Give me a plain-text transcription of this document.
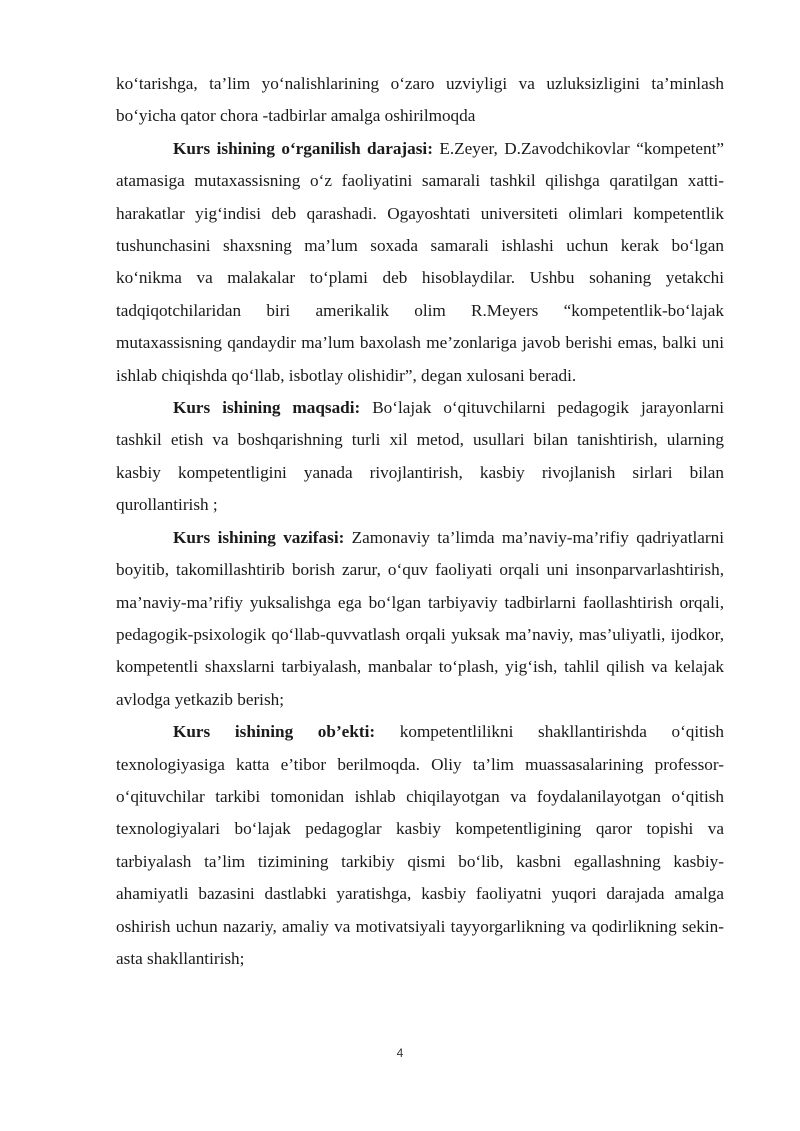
ko‘tarishga, ta’lim yo‘nalishlarining o‘zaro uzviyligi va uzluksizligini ta’minlash bo‘yicha qator chora -tadbirlar amalga oshirilmoqda

Kurs ishining o‘rganilish darajasi: E.Zeyer, D.Zavodchikovlar “kompetent” atamasiga mutaxassisning o‘z faoliyatini samarali tashkil qilishga qaratilgan xatti-harakatlar yig‘indisi deb qarashadi. Ogayoshtati universiteti olimlari kompetentlik tushunchasini shaxsning ma’lum soxada samarali ishlashi uchun kerak bo‘lgan ko‘nikma va malakalar to‘plami deb hisoblaydilar. Ushbu sohaning yetakchi tadqiqotchilaridan biri amerikalik olim R.Meyers “kompetentlik-bo‘lajak mutaxassisning qandaydir ma’lum baxolash me’zonlariga javob berishi emas, balki uni ishlab chiqishda qo‘llab, isbotlay olishidir”, degan xulosani beradi.

Kurs ishining maqsadi: Bo‘lajak o‘qituvchilarni pedagogik jarayonlarni tashkil etish va boshqarishning turli xil metod, usullari bilan tanishtirish, ularning kasbiy kompetentligini yanada rivojlantirish, kasbiy rivojlanish sirlari bilan qurollantirish ;

Kurs ishining vazifasi: Zamonaviy ta’limda ma’naviy-ma’rifiy qadriyatlarni boyitib, takomillashtirib borish zarur, o‘quv faoliyati orqali uni insonparvarlashtirish, ma’naviy-ma’rifiy yuksalishga ega bo‘lgan tarbiyaviy tadbirlarni faollashtirish orqali, pedagogik-psixologik qo‘llab-quvvatlash orqali yuksak ma’naviy, mas’uliyatli, ijodkor, kompetentli shaxslarni tarbiyalash, manbalar to‘plash, yig‘ish, tahlil qilish va kelajak avlodga yetkazib berish;

Kurs ishining ob’ekti: kompetentlilikni shakllantirishda o‘qitish texnologiyasiga katta e’tibor berilmoqda. Oliy ta’lim muassasalarining professor-o‘qituvchilar tarkibi tomonidan ishlab chiqilayotgan va foydalanilayotgan o‘qitish texnologiyalari bo‘lajak pedagoglar kasbiy kompetentligining qaror topishi va tarbiyalash ta’lim tizimining tarkibiy qismi bo‘lib, kasbni egallashning kasbiy-ahamiyatli bazasini dastlabki yaratishga, kasbiy faoliyatni yuqori darajada amalga oshirish uchun nazariy, amaliy va motivatsiyali tayyorgarlikning va qodirlikning sekin-asta shakllantirish;

4
